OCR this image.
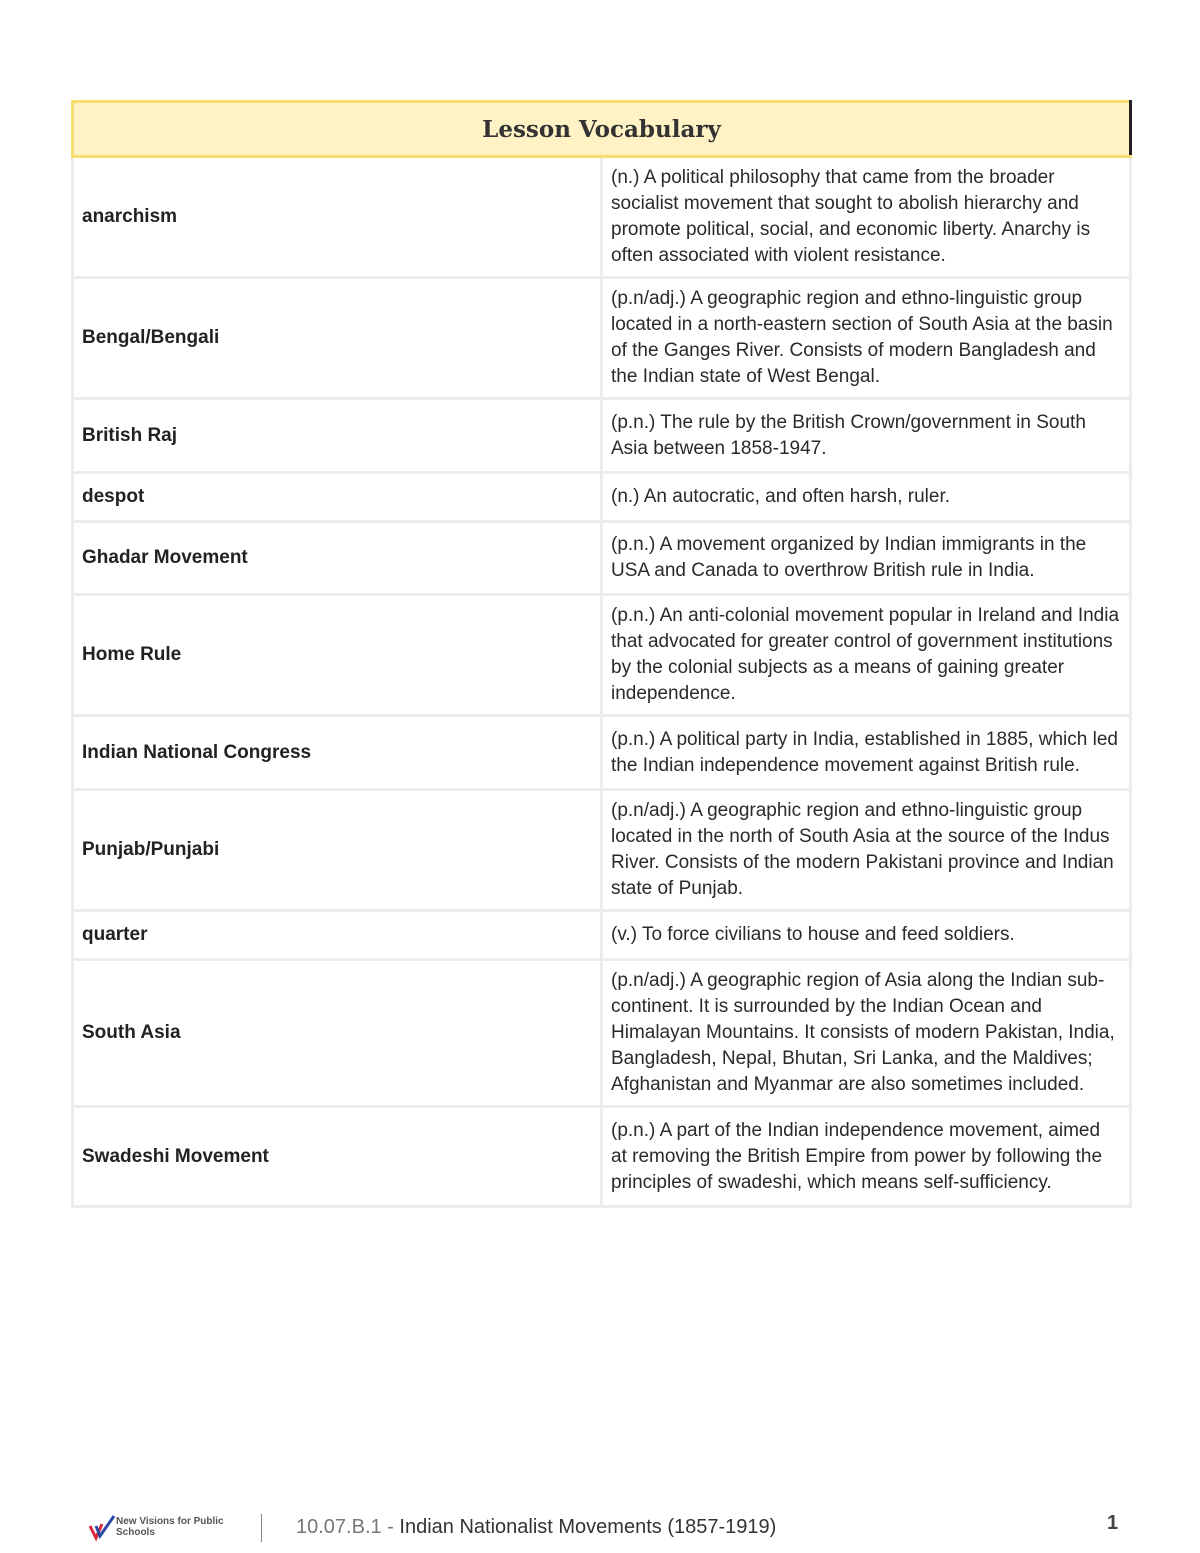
Lesson Vocabulary	
anarchism	(n.) A political philosophy that came from the broader socialist movement that sought to abolish hierarchy and promote political, social, and economic liberty. Anarchy is often associated with violent resistance.
Bengal/Bengali	(p.n/adj.) A geographic region and ethno-linguistic group located in a north-eastern section of South Asia at the basin of the Ganges River. Consists of modern Bangladesh and the Indian state of West Bengal.
British Raj	(p.n.) The rule by the British Crown/government in South Asia between 1858-1947.
despot	(n.) An autocratic, and often harsh, ruler.
Ghadar Movement	(p.n.) A movement organized by Indian immigrants in the USA and Canada to overthrow British rule in India.
Home Rule	(p.n.) An anti-colonial movement popular in Ireland and India that advocated for greater control of government institutions by the colonial subjects as a means of gaining greater independence.
Indian National Congress	(p.n.) A political party in India, established in 1885, which led the Indian independence movement against British rule.
Punjab/Punjabi	(p.n/adj.) A geographic region and ethno-linguistic group located in the north of South Asia at the source of the Indus River. Consists of the modern Pakistani province and Indian state of Punjab.
quarter	(v.) To force civilians to house and feed soldiers.
South Asia	(p.n/adj.) A geographic region of Asia along the Indian sub-continent. It is surrounded by the Indian Ocean and Himalayan Mountains. It consists of modern Pakistan, India, Bangladesh, Nepal, Bhutan, Sri Lanka, and the Maldives; Afghanistan and Myanmar are also sometimes included.
Swadeshi Movement	(p.n.) A part of the Indian independence movement, aimed at removing the British Empire from power by following the principles of swadeshi, which means self-sufficiency.
New Visions for Public Schools	10.07.B.1 - Indian Nationalist Movements (1857-1919)	1
